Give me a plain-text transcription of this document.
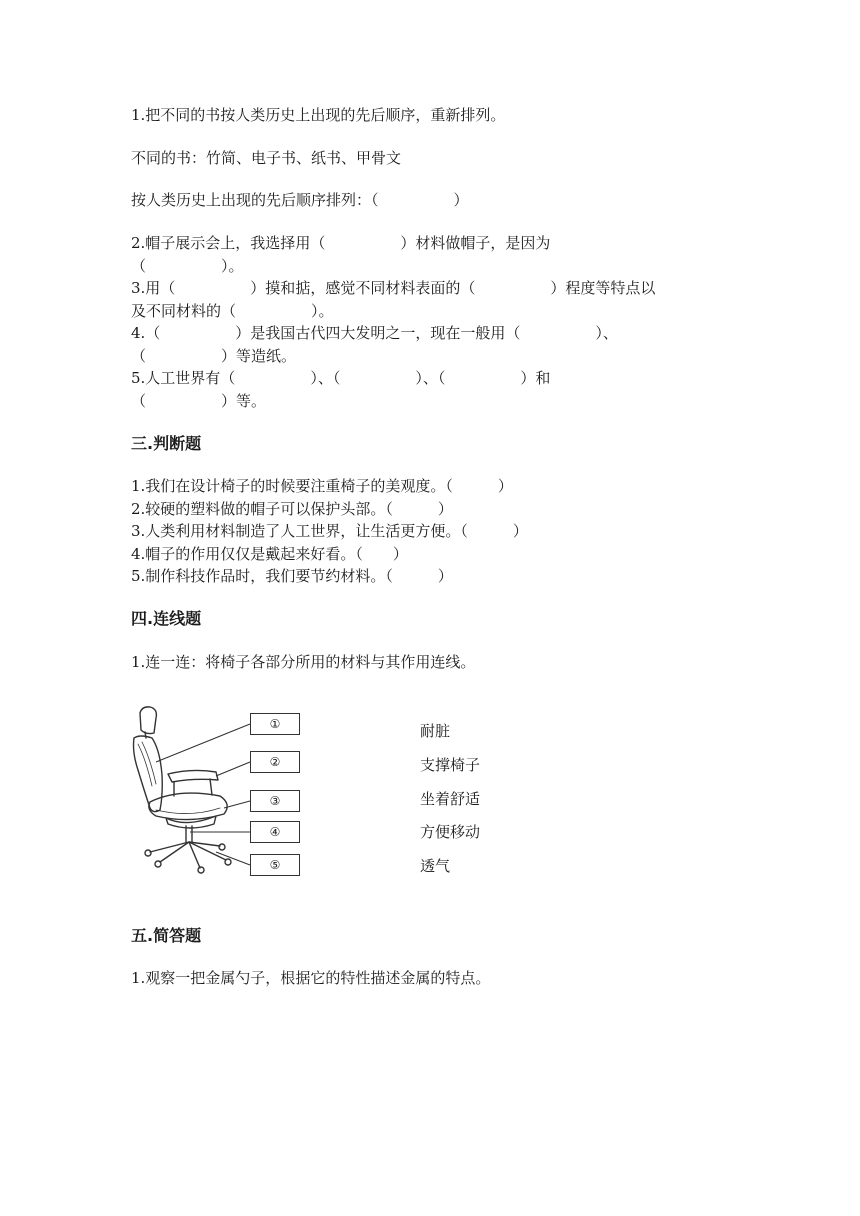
1.把不同的书按人类历史上出现的先后顺序，重新排列。
不同的书：竹简、电子书、纸书、甲骨文
按人类历史上出现的先后顺序排列：（　　　　　）
2.帽子展示会上，我选择用（　　　　　）材料做帽子，是因为
（　　　　　）。
3.用（　　　　　）摸和掂，感觉不同材料表面的（　　　　　）程度等特点以
及不同材料的（　　　　　）。
4.（　　　　　）是我国古代四大发明之一，现在一般用（　　　　　）、
（　　　　　）等造纸。
5.人工世界有（　　　　　）、（　　　　　）、（　　　　　）和
（　　　　　）等。
三.判断题
1.我们在设计椅子的时候要注重椅子的美观度。（　　　）
2.较硬的塑料做的帽子可以保护头部。（　　　）
3.人类利用材料制造了人工世界，让生活更方便。（　　　）
4.帽子的作用仅仅是戴起来好看。（　　）
5.制作科技作品时，我们要节约材料。（　　　）
四.连线题
1.连一连：将椅子各部分所用的材料与其作用连线。
①
②
③
④
⑤
耐脏
支撑椅子
坐着舒适
方便移动
透气
五.简答题
1.观察一把金属勺子，根据它的特性描述金属的特点。
